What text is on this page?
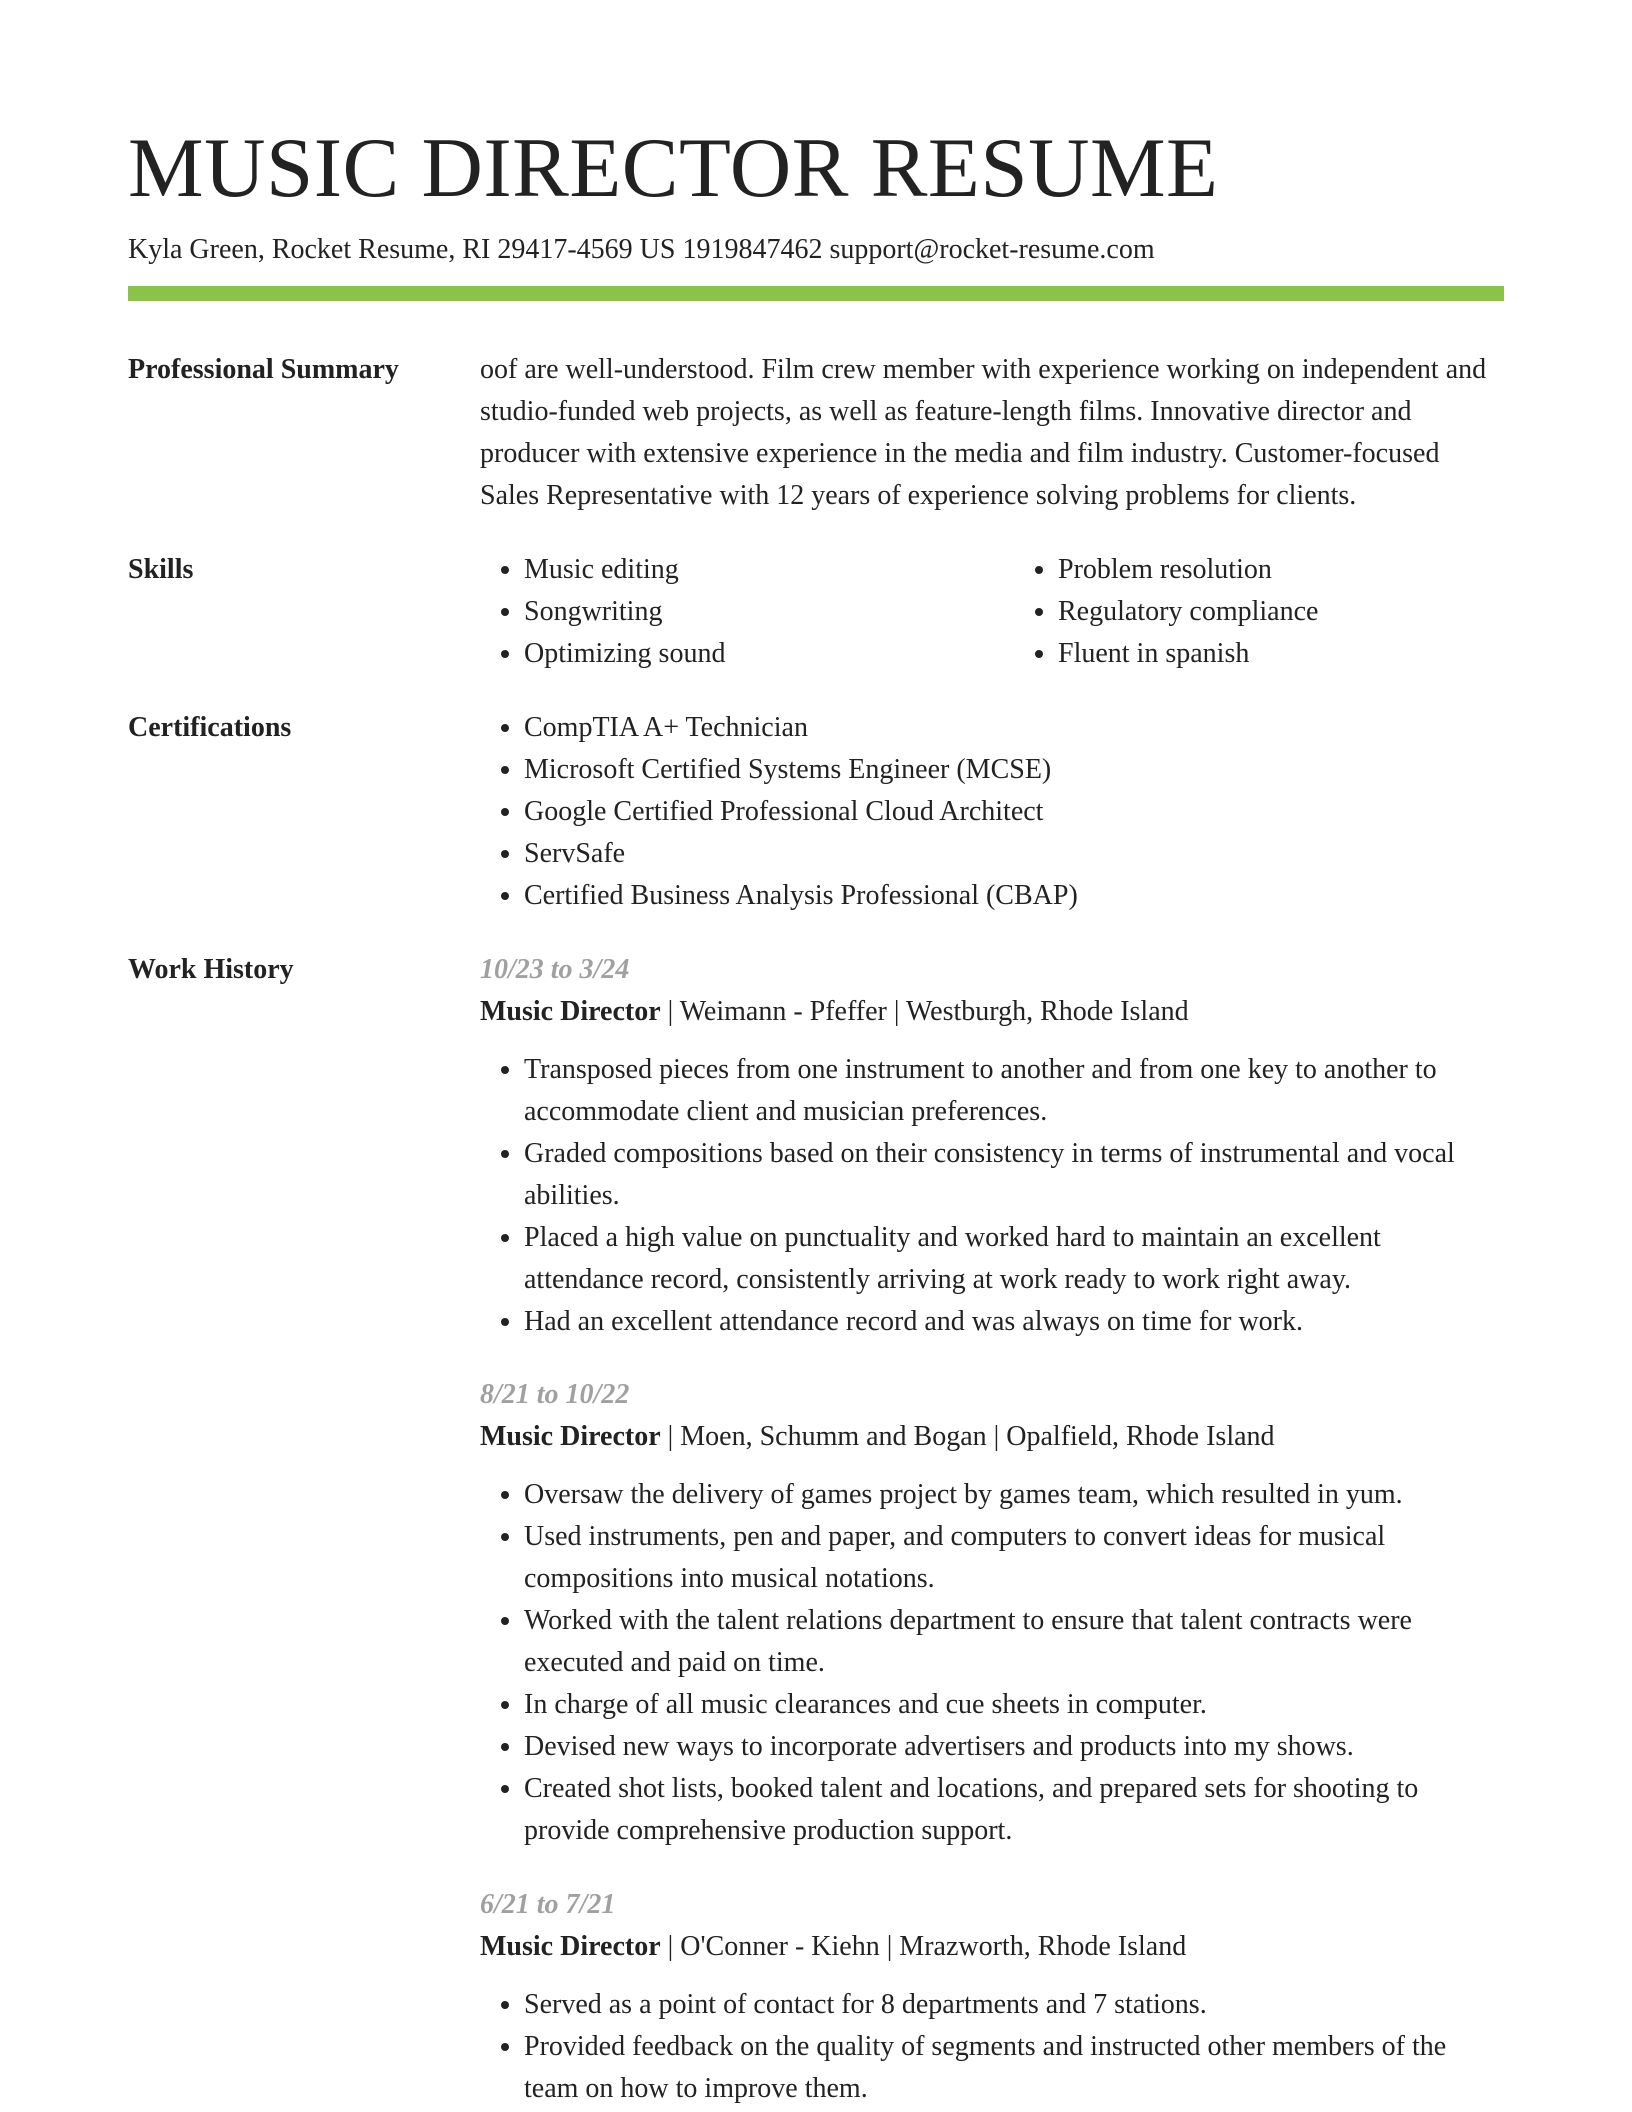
MUSIC DIRECTOR RESUME
Kyla Green, Rocket Resume, RI 29417-4569 US 1919847462 support@rocket-resume.com
Professional Summary	oof are well-understood. Film crew member with experience working on independent and studio-funded web projects, as well as feature-length films. Innovative director and producer with extensive experience in the media and film industry. Customer-focused Sales Representative with 12 years of experience solving problems for clients.

Skills	• Music editing
• Songwriting
• Optimizing sound
• Problem resolution
• Regulatory compliance
• Fluent in spanish
Certifications	• CompTIA A+ Technician
• Microsoft Certified Systems Engineer (MCSE)
• Google Certified Professional Cloud Architect
• ServSafe
• Certified Business Analysis Professional (CBAP)
Work History	10/23 to 3/24
Music Director | Weimann - Pfeffer | Westburgh, Rhode Island
• Transposed pieces from one instrument to another and from one key to another to accommodate client and musician preferences.
• Graded compositions based on their consistency in terms of instrumental and vocal abilities.
• Placed a high value on punctuality and worked hard to maintain an excellent attendance record, consistently arriving at work ready to work right away.
• Had an excellent attendance record and was always on time for work.
8/21 to 10/22
Music Director | Moen, Schumm and Bogan | Opalfield, Rhode Island
• Oversaw the delivery of games project by games team, which resulted in yum.
• Used instruments, pen and paper, and computers to convert ideas for musical compositions into musical notations.
• Worked with the talent relations department to ensure that talent contracts were executed and paid on time.
• In charge of all music clearances and cue sheets in computer.
• Devised new ways to incorporate advertisers and products into my shows.
• Created shot lists, booked talent and locations, and prepared sets for shooting to provide comprehensive production support.
6/21 to 7/21
Music Director | O'Conner - Kiehn | Mrazworth, Rhode Island
• Served as a point of contact for 8 departments and 7 stations.
• Provided feedback on the quality of segments and instructed other members of the team on how to improve them.
